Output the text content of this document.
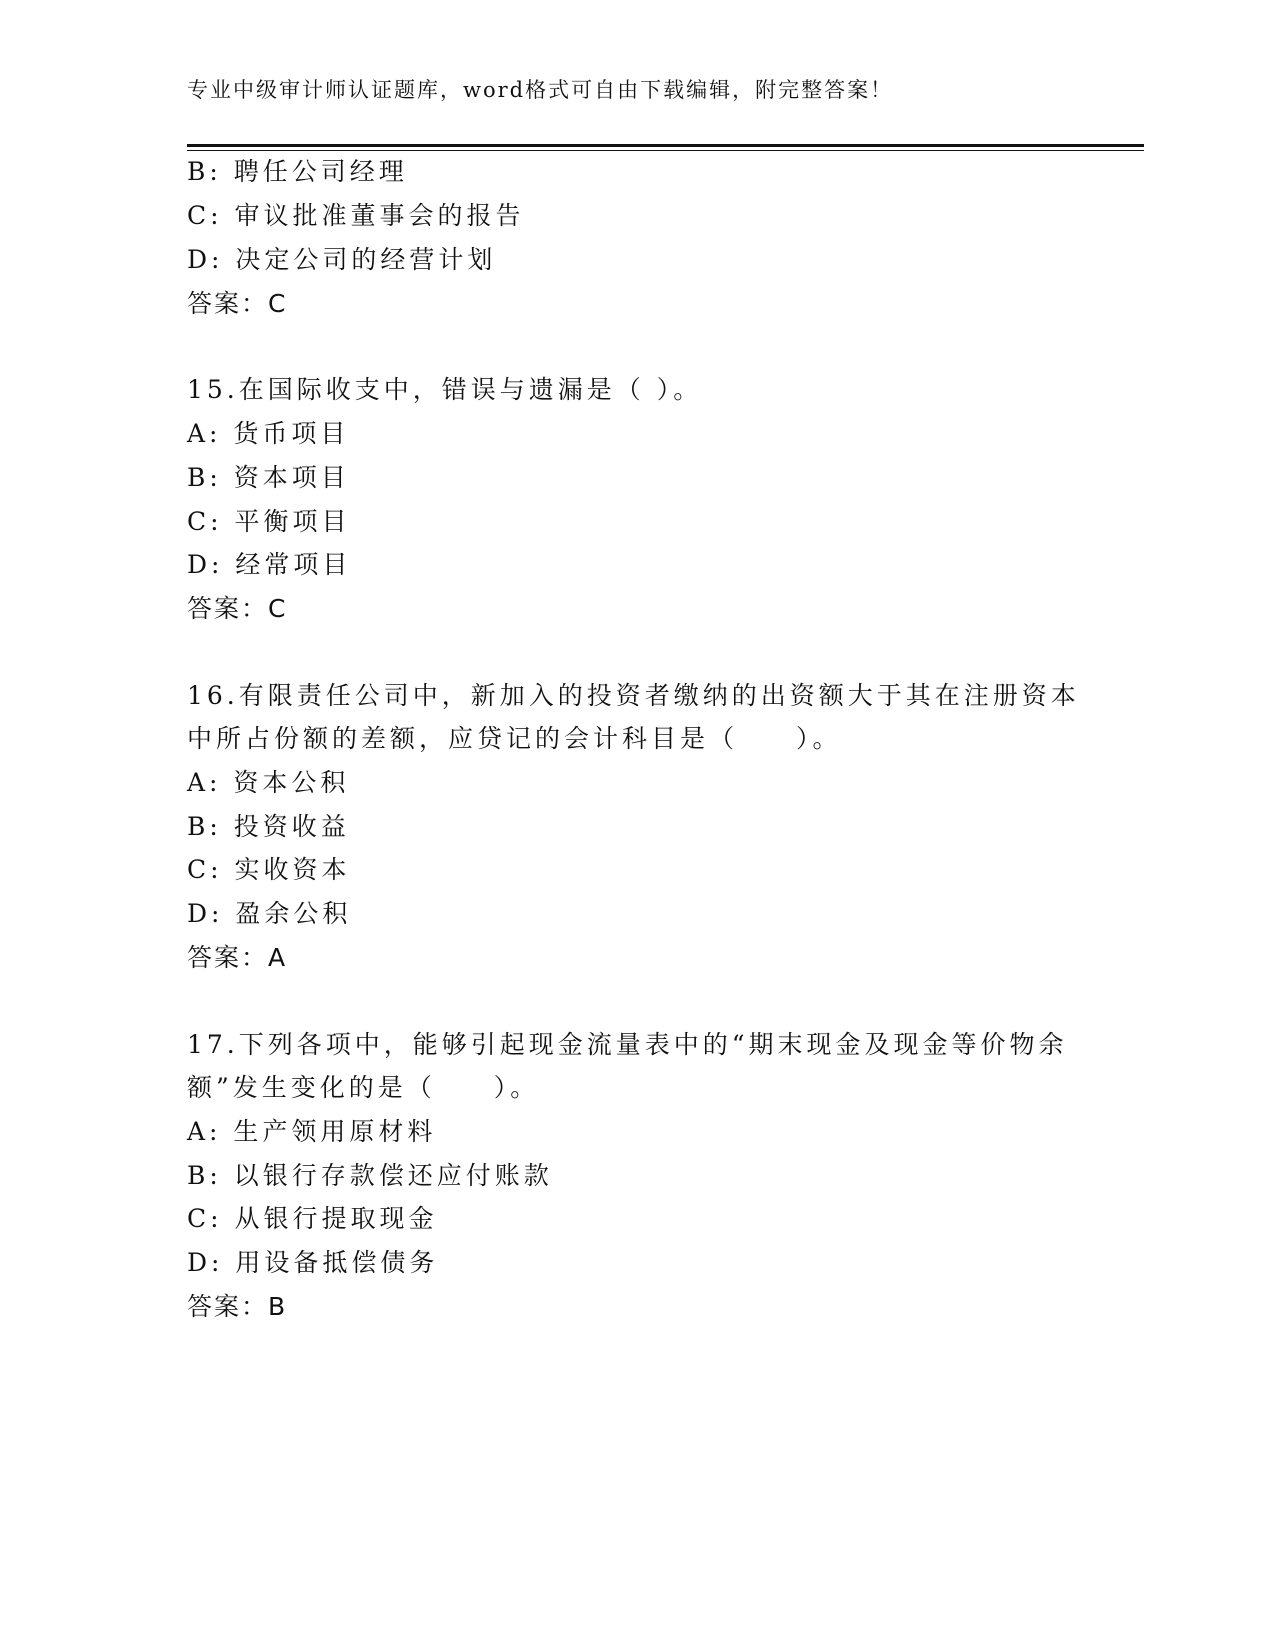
专业中级审计师认证题库，word格式可自由下载编辑，附完整答案！
B: 聘任公司经理
C: 审议批准董事会的报告
D: 决定公司的经营计划
答案：C
15.在国际收支中，错误与遗漏是（ ）。
A: 货币项目
B: 资本项目
C: 平衡项目
D: 经常项目
答案：C
16.有限责任公司中，新加入的投资者缴纳的出资额大于其在注册资本
中所占份额的差额，应贷记的会计科目是（　　）。
A: 资本公积
B: 投资收益
C: 实收资本
D: 盈余公积
答案：A
17.下列各项中，能够引起现金流量表中的“期末现金及现金等价物余
额”发生变化的是（　　）。
A: 生产领用原材料
B: 以银行存款偿还应付账款
C: 从银行提取现金
D: 用设备抵偿债务
答案：B
